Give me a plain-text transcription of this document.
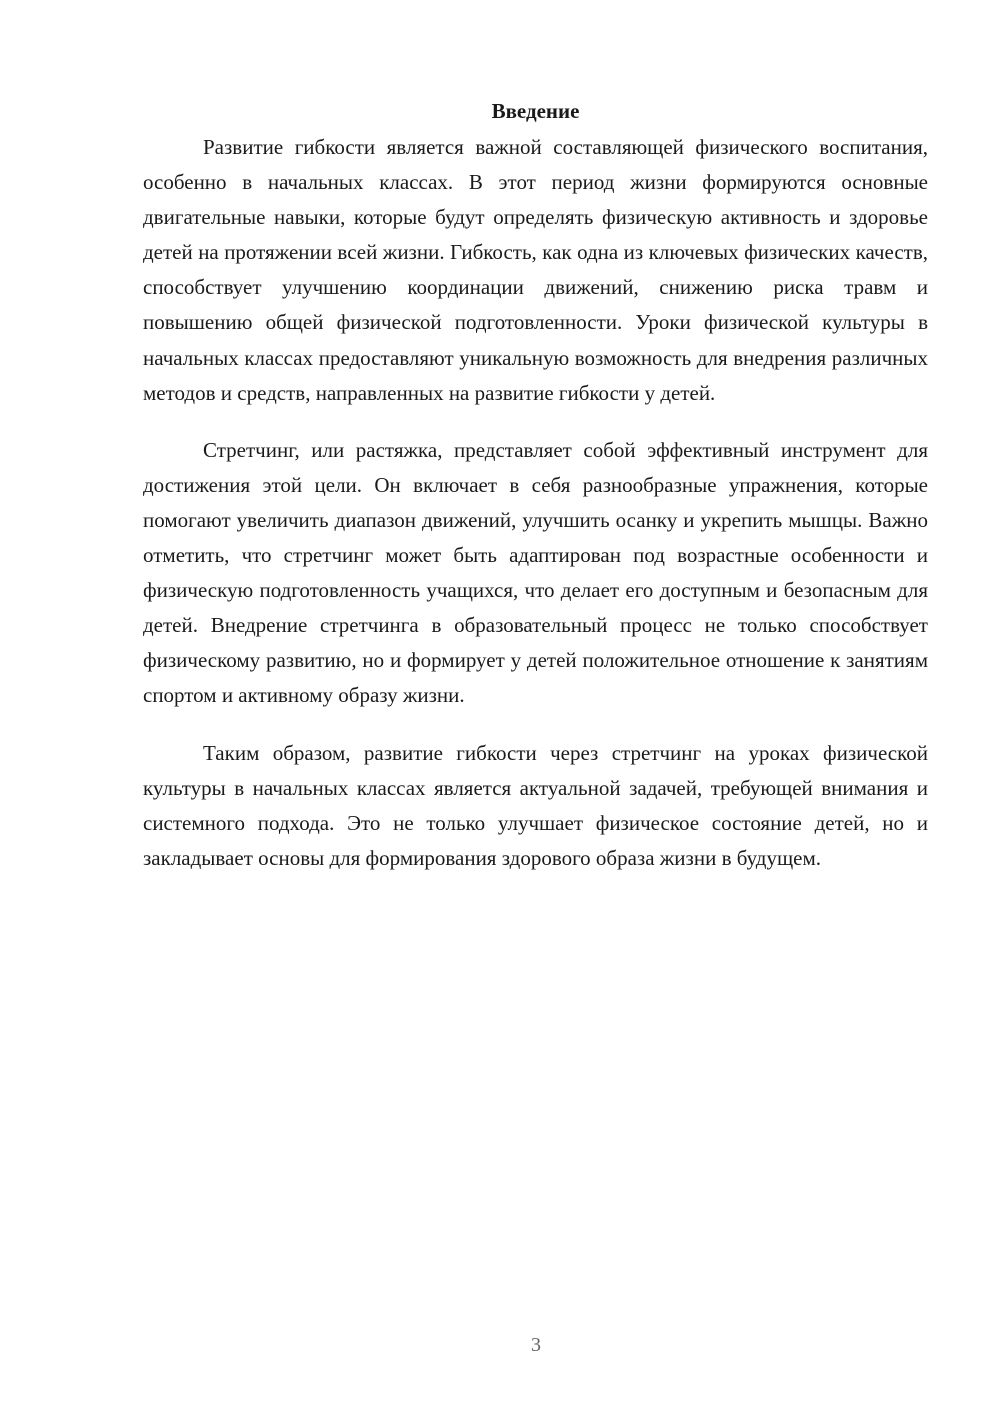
Введение

Развитие гибкости является важной составляющей физического воспитания, особенно в начальных классах. В этот период жизни формируются основные двигательные навыки, которые будут определять физическую активность и здоровье детей на протяжении всей жизни. Гибкость, как одна из ключевых физических качеств, способствует улучшению координации движений, снижению риска травм и повышению общей физической подготовленности. Уроки физической культуры в начальных классах предоставляют уникальную возможность для внедрения различных методов и средств, направленных на развитие гибкости у детей.

Стретчинг, или растяжка, представляет собой эффективный инструмент для достижения этой цели. Он включает в себя разнообразные упражнения, которые помогают увеличить диапазон движений, улучшить осанку и укрепить мышцы. Важно отметить, что стретчинг может быть адаптирован под возрастные особенности и физическую подготовленность учащихся, что делает его доступным и безопасным для детей. Внедрение стретчинга в образовательный процесс не только способствует физическому развитию, но и формирует у детей положительное отношение к занятиям спортом и активному образу жизни.

Таким образом, развитие гибкости через стретчинг на уроках физической культуры в начальных классах является актуальной задачей, требующей внимания и системного подхода. Это не только улучшает физическое состояние детей, но и закладывает основы для формирования здорового образа жизни в будущем.

3
